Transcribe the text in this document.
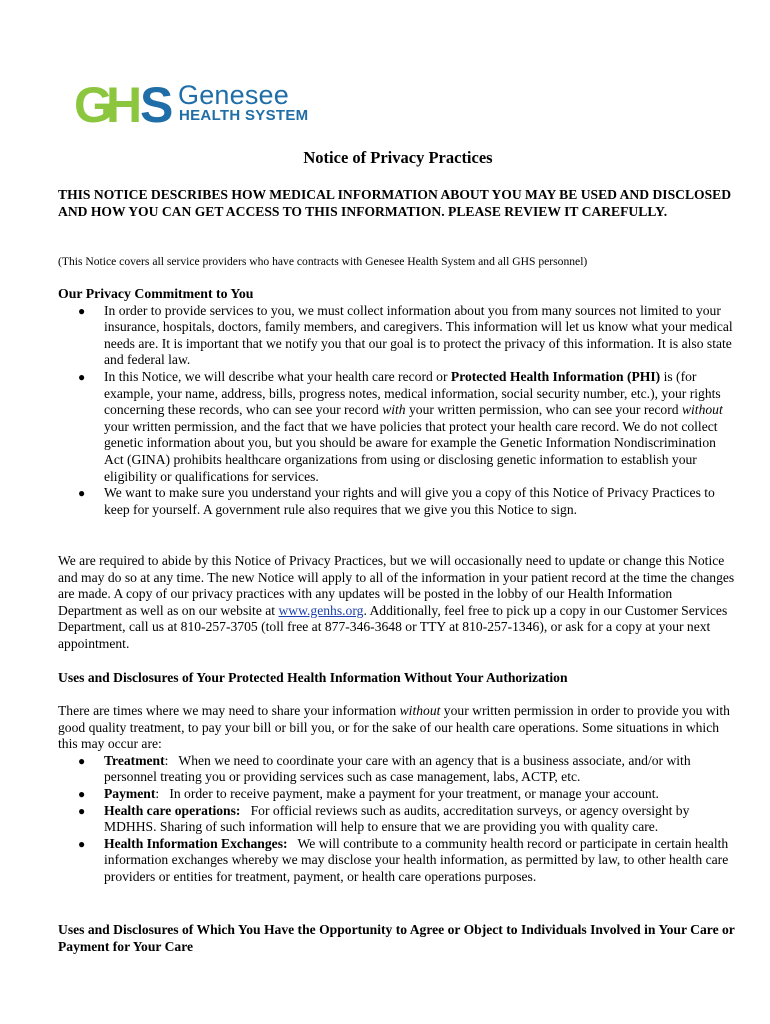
G
H S Genesee
HEALTH SYSTEM
Notice of Privacy Practices
THIS NOTICE DESCRIBES HOW MEDICAL INFORMATION ABOUT YOU MAY BE USED AND DISCLOSED AND HOW YOU CAN GET ACCESS TO THIS INFORMATION. PLEASE REVIEW IT CAREFULLY.
(This Notice covers all service providers who have contracts with Genesee Health System and all GHS personnel)

Our Privacy Commitment to You

● In order to provide services to you, we must collect information about you from many sources not limited to your insurance, hospitals, doctors, family members, and caregivers. This information will let us know what your medical needs are. It is important that we notify you that our goal is to protect the privacy of this information. It is also state and federal law.
● In this Notice, we will describe what your health care record or Protected Health Information (PHI) is (for example, your name, address, bills, progress notes, medical information, social security number, etc.), your rights concerning these records, who can see your record with your written permission, who can see your record without your written permission, and the fact that we have policies that protect your health care record. We do not collect genetic information about you, but you should be aware for example the Genetic Information Nondiscrimination Act (GINA) prohibits healthcare organizations from using or disclosing genetic information to establish your eligibility or qualifications for services.
● We want to make sure you understand your rights and will give you a copy of this Notice of Privacy Practices to keep for yourself. A government rule also requires that we give you this Notice to sign.
We are required to abide by this Notice of Privacy Practices, but we will occasionally need to update or change this Notice and may do so at any time. The new Notice will apply to all of the information in your patient record at the time the changes are made. A copy of our privacy practices with any updates will be posted in the lobby of our Health Information Department as well as on our website at www.genhs.org. Additionally, feel free to pick up a copy in our Customer Services Department, call us at 810-257-3705 (toll free at 877-346-3648 or TTY at 810-257-1346), or ask for a copy at your next appointment.
Uses and Disclosures of Your Protected Health Information Without Your Authorization

There are times where we may need to share your information without your written permission in order to provide you with good quality treatment, to pay your bill or bill you, or for the sake of our health care operations. Some situations in which this may occur are:

● Treatment:   When we need to coordinate your care with an agency that is a business associate, and/or with personnel treating you or providing services such as case management, labs, ACTP, etc.
● Payment:   In order to receive payment, make a payment for your treatment, or manage your account.
● Health care operations: For official reviews such as audits, accreditation surveys, or agency oversight by MDHHS. Sharing of such information will help to ensure that we are providing you with quality care.
● Health Information Exchanges: We will contribute to a community health record or participate in certain health information exchanges whereby we may disclose your health information, as permitted by law, to other health care providers or entities for treatment, payment, or health care operations purposes.
Uses and Disclosures of Which You Have the Opportunity to Agree or Object to Individuals Involved in Your Care or Payment for Your Care
